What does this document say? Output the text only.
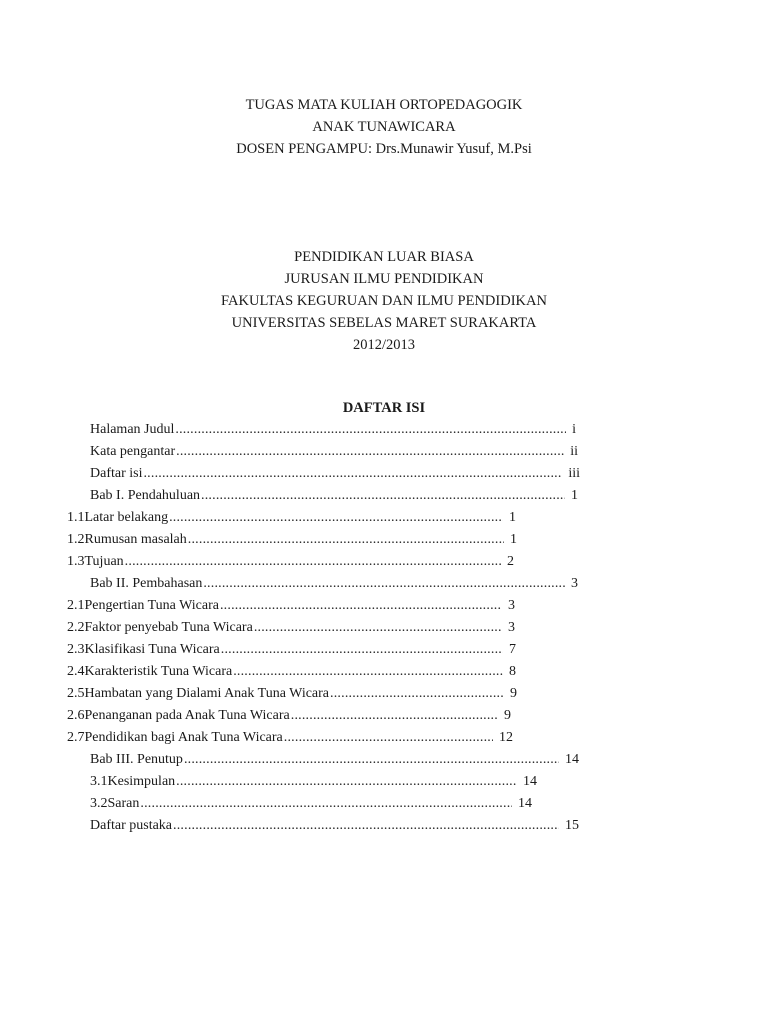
TUGAS MATA KULIAH ORTOPEDAGOGIK
ANAK TUNAWICARA
DOSEN PENGAMPU: Drs.Munawir Yusuf, M.Psi
PENDIDIKAN LUAR BIASA
JURUSAN ILMU PENDIDIKAN
FAKULTAS KEGURUAN DAN ILMU PENDIDIKAN
UNIVERSITAS SEBELAS MARET SURAKARTA
2012/2013
DAFTAR ISI
Halaman Judul .....	i
Kata pengantar .....	ii
Daftar isi .....	iii
Bab I. Pendahuluan .....	1
1.1 Latar belakang .....	1
1.2 Rumusan masalah .....	1
1.3 Tujuan .....	2
Bab II. Pembahasan .....	3
2.1 Pengertian Tuna Wicara .....	3
2.2 Faktor penyebab Tuna Wicara .....	3
2.3 Klasifikasi Tuna Wicara .....	7
2.4 Karakteristik Tuna Wicara .....	8
2.5 Hambatan yang Dialami Anak Tuna Wicara .....	9
2.6 Penanganan pada Anak Tuna Wicara .....	9
2.7 Pendidikan bagi Anak Tuna Wicara .....	12
Bab III. Penutup .....	14
3.1 Kesimpulan .....	14
3.2 Saran .....	14
Daftar pustaka .....	15
